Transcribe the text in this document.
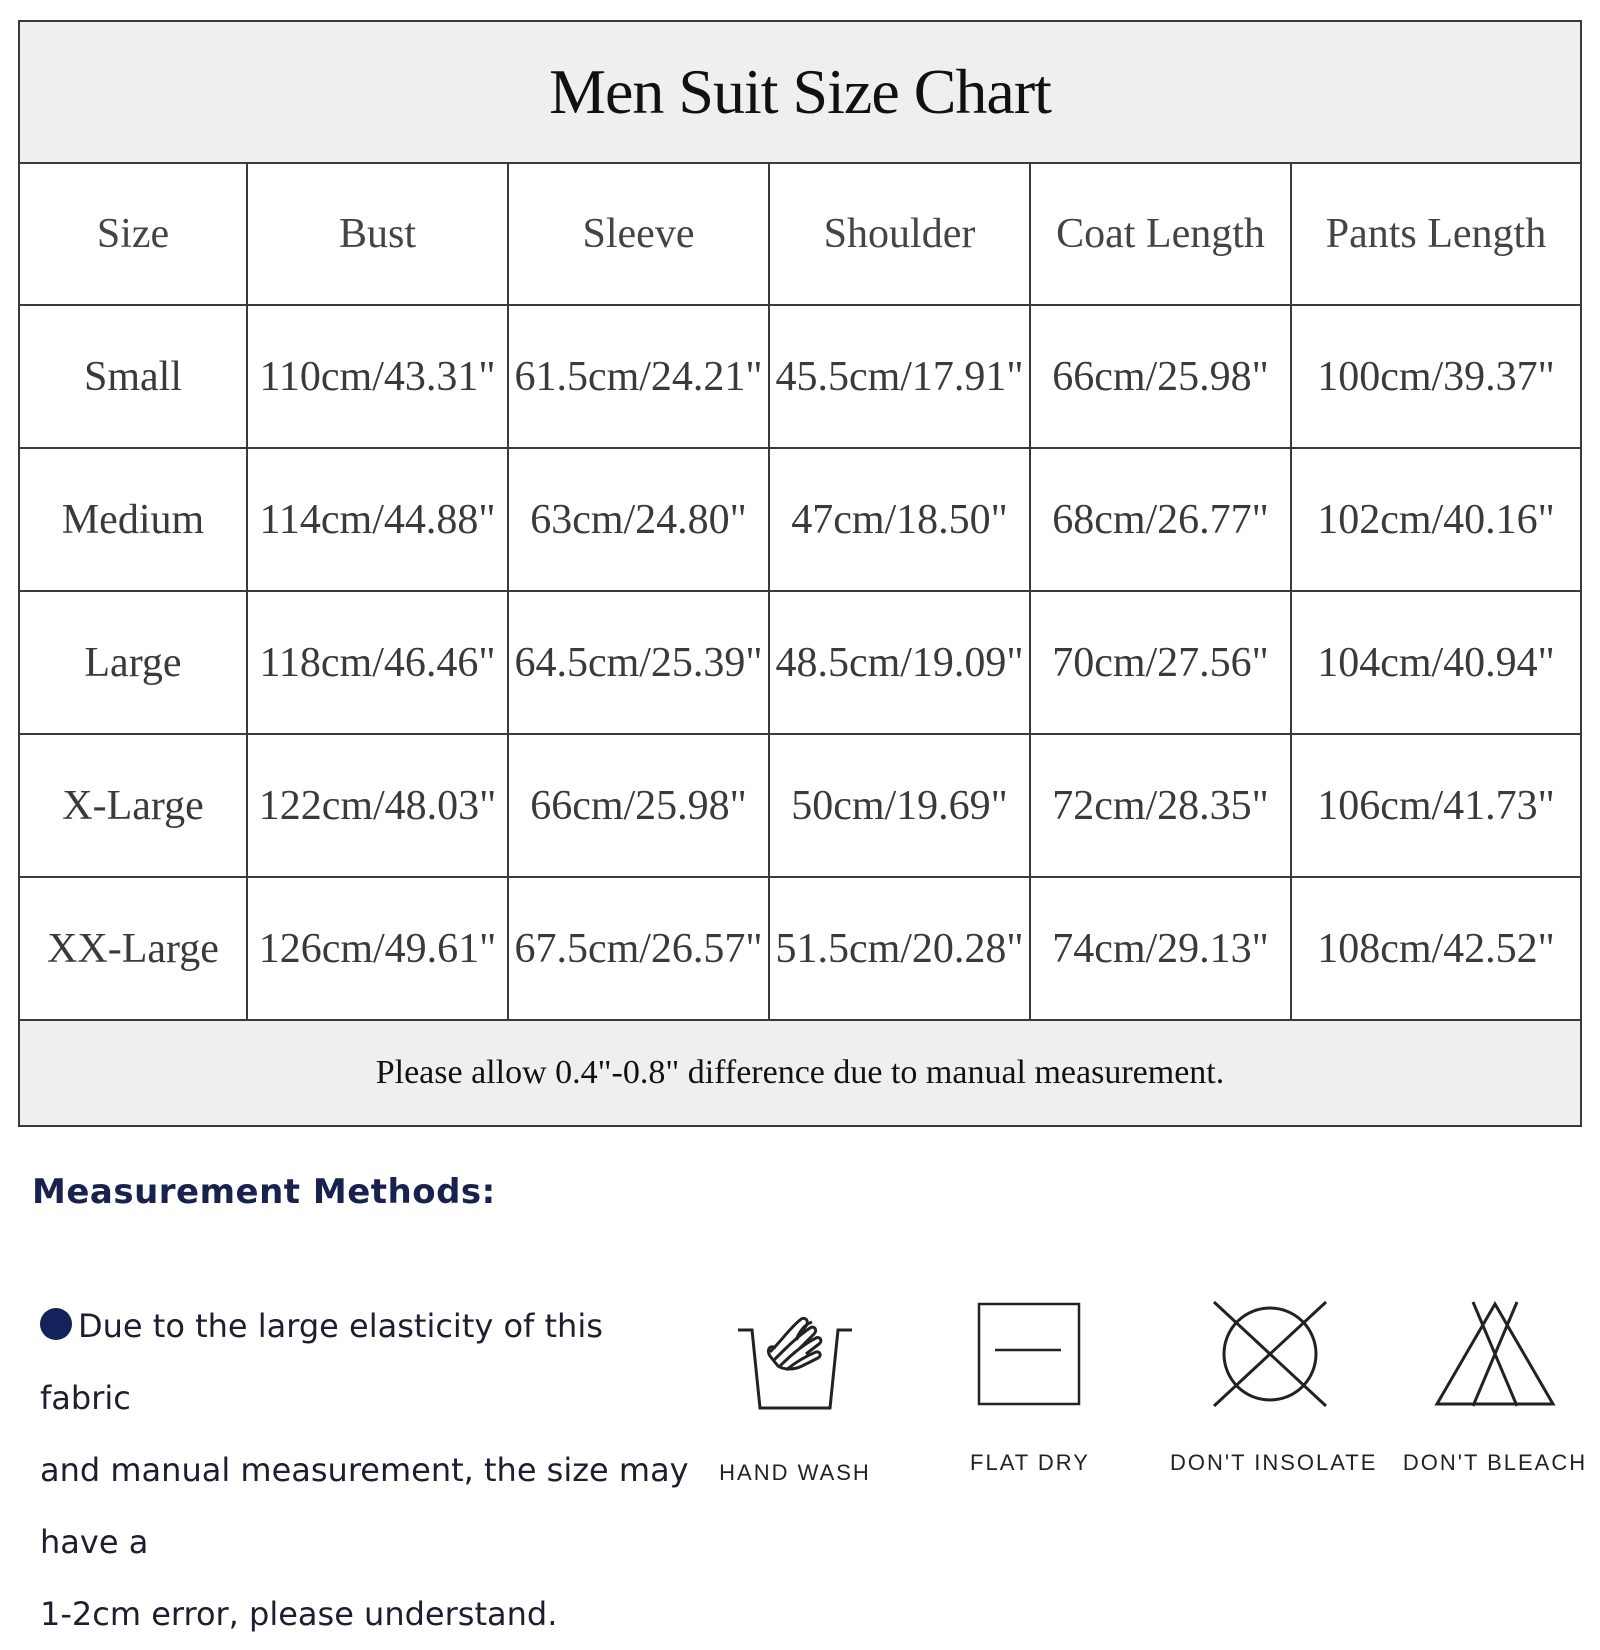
Men Suit Size Chart					
Size	Bust	Sleeve	Shoulder	Coat Length	Pants Length
Small	110cm/43.31"	61.5cm/24.21"	45.5cm/17.91"	66cm/25.98"	100cm/39.37"
Medium	114cm/44.88"	63cm/24.80"	47cm/18.50"	68cm/26.77"	102cm/40.16"
Large	118cm/46.46"	64.5cm/25.39"	48.5cm/19.09"	70cm/27.56"	104cm/40.94"
X-Large	122cm/48.03"	66cm/25.98"	50cm/19.69"	72cm/28.35"	106cm/41.73"
XX-Large	126cm/49.61"	67.5cm/26.57"	51.5cm/20.28"	74cm/29.13"	108cm/42.52"
Please allow 0.4"-0.8" difference due to manual measurement.					
Measurement Methods:
Due to the large elasticity of this fabric
and manual measurement, the size may have a
1-2cm error, please understand.
HAND WASH	FLAT DRY	DON'T INSOLATE DON'T BLEACH
